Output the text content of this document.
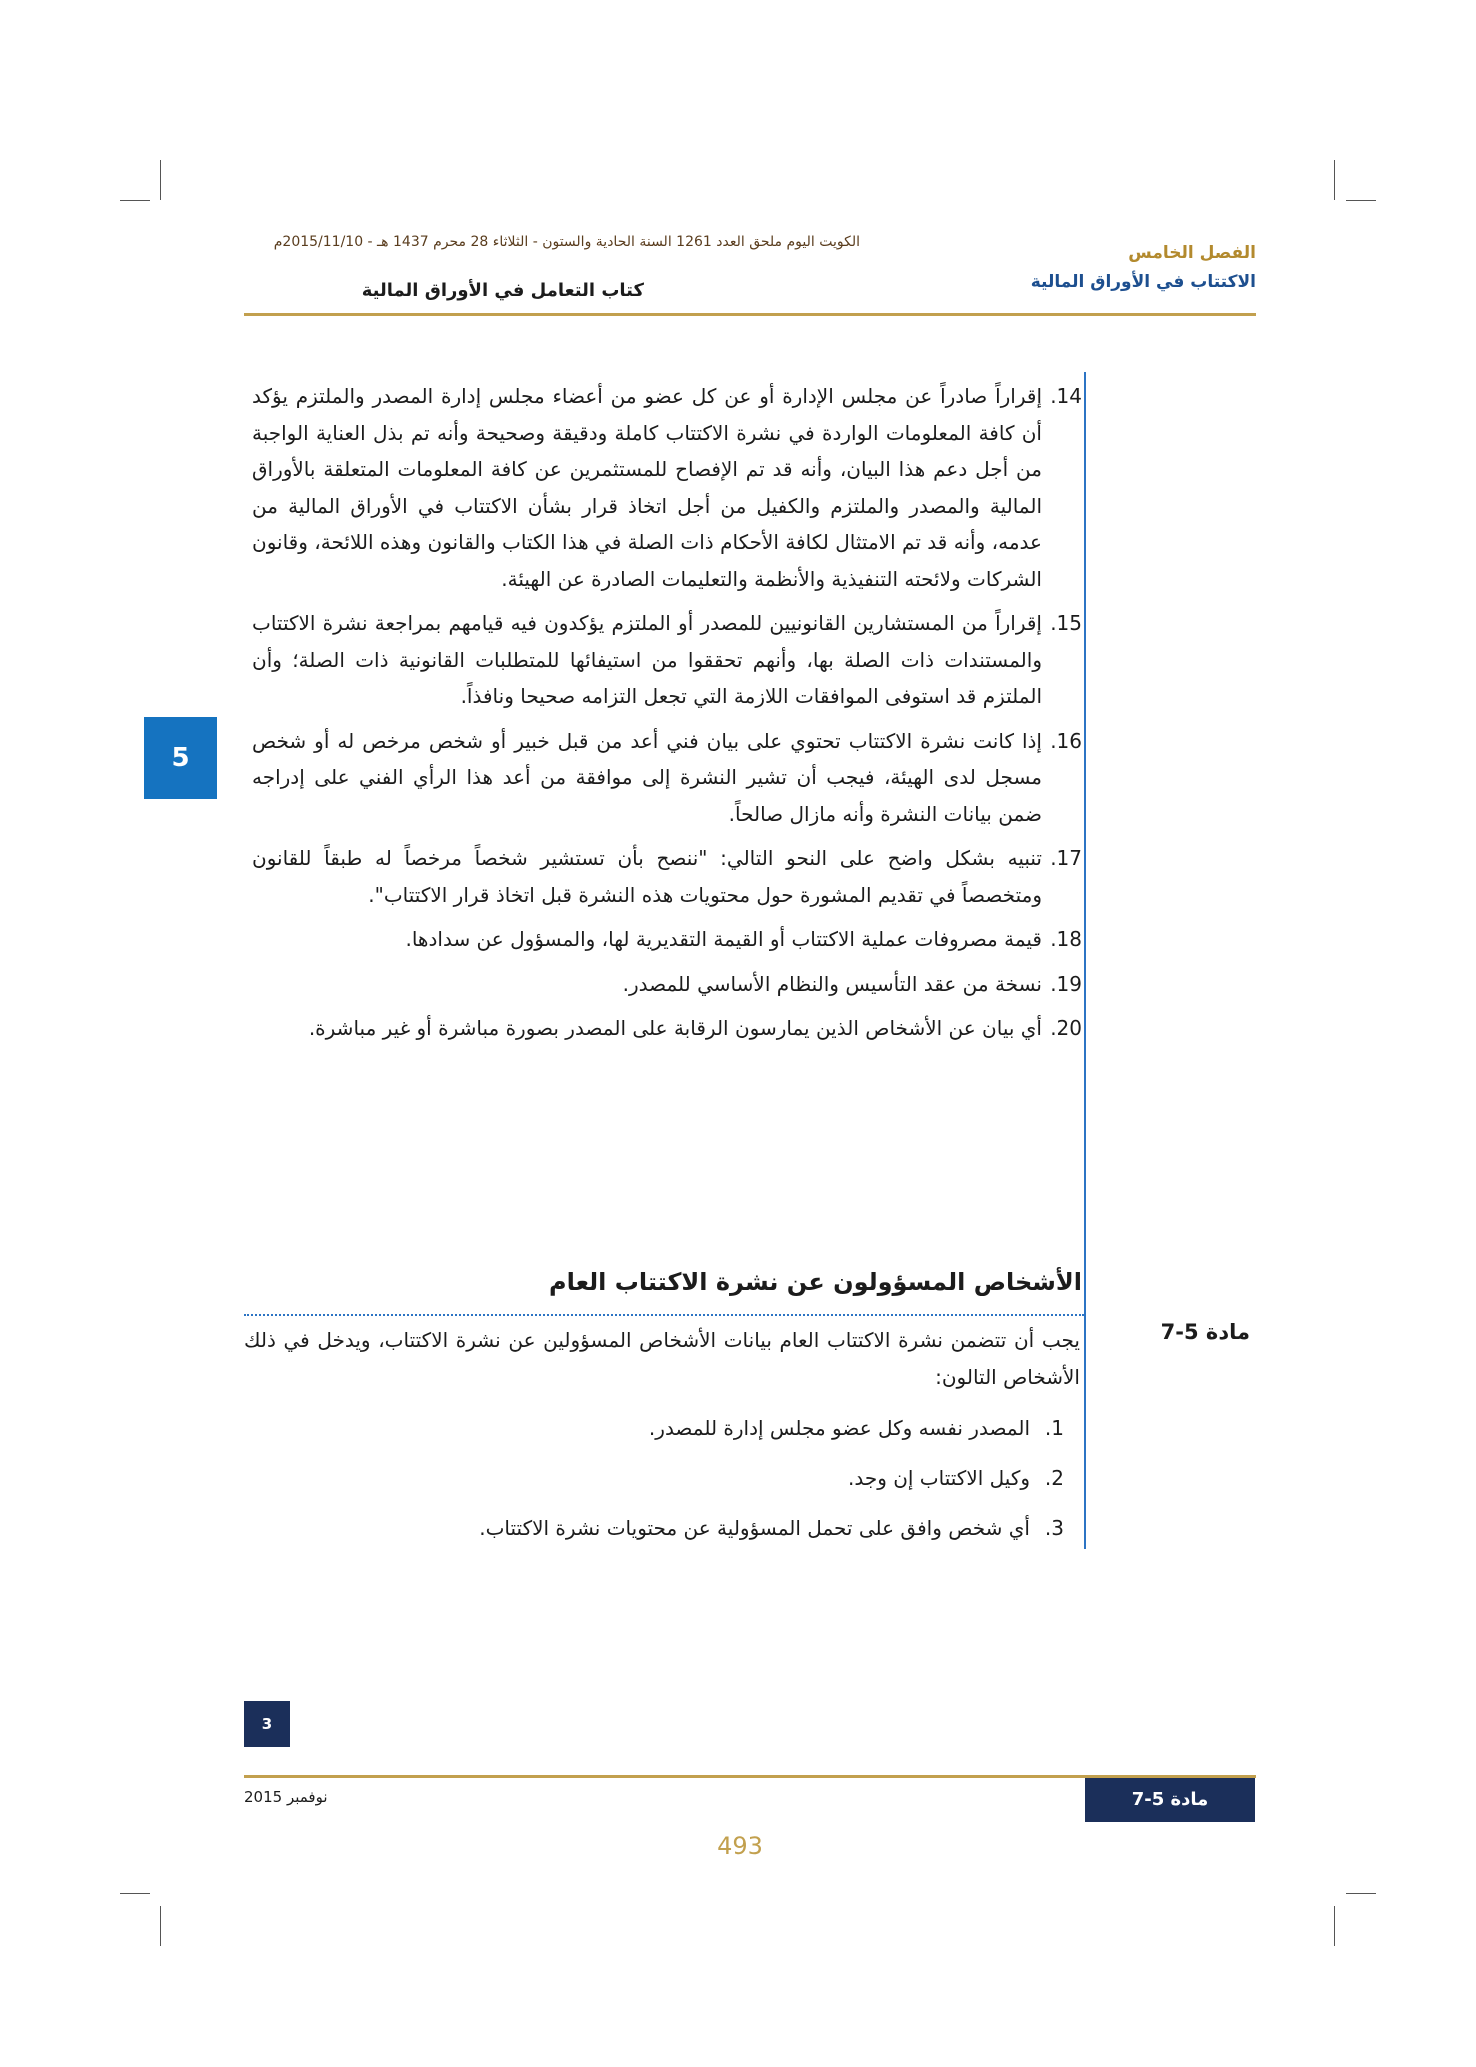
الكويت اليوم ملحق العدد 1261 السنة الحادية والستون - الثلاثاء 28 محرم 1437 هـ - 2015/11/10م
الفصل الخامس
الاكتتاب في الأوراق المالية
كتاب التعامل في الأوراق المالية
5
14.
إقراراً صادراً عن مجلس الإدارة أو عن كل عضو من أعضاء مجلس إدارة المصدر والملتزم يؤكد أن كافة المعلومات الواردة في نشرة الاكتتاب كاملة ودقيقة وصحيحة وأنه تم بذل العناية الواجبة من أجل دعم هذا البيان، وأنه قد تم الإفصاح للمستثمرين عن كافة المعلومات المتعلقة بالأوراق المالية والمصدر والملتزم والكفيل من أجل اتخاذ قرار بشأن الاكتتاب في الأوراق المالية من عدمه، وأنه قد تم الامتثال لكافة الأحكام ذات الصلة في هذا الكتاب والقانون وهذه اللائحة، وقانون الشركات ولائحته التنفيذية والأنظمة والتعليمات الصادرة عن الهيئة.
15.
إقراراً من المستشارين القانونيين للمصدر أو الملتزم يؤكدون فيه قيامهم بمراجعة نشرة الاكتتاب والمستندات ذات الصلة بها، وأنهم تحققوا من استيفائها للمتطلبات القانونية ذات الصلة؛ وأن الملتزم قد استوفى الموافقات اللازمة التي تجعل التزامه صحيحا ونافذاً.
16.
إذا كانت نشرة الاكتتاب تحتوي على بيان فني أعد من قبل خبير أو شخص مرخص له أو شخص مسجل لدى الهيئة، فيجب أن تشير النشرة إلى موافقة من أعد هذا الرأي الفني على إدراجه ضمن بيانات النشرة وأنه مازال صالحاً.
17.
تنبيه بشكل واضح على النحو التالي: "ننصح بأن تستشير شخصاً مرخصاً له طبقاً للقانون ومتخصصاً في تقديم المشورة حول محتويات هذه النشرة قبل اتخاذ قرار الاكتتاب".
18.
قيمة مصروفات عملية الاكتتاب أو القيمة التقديرية لها، والمسؤول عن سدادها.
19.
نسخة من عقد التأسيس والنظام الأساسي للمصدر.
20.
أي بيان عن الأشخاص الذين يمارسون الرقابة على المصدر بصورة مباشرة أو غير مباشرة.
الأشخاص المسؤولون عن نشرة الاكتتاب العام
مادة 5-7
يجب أن تتضمن نشرة الاكتتاب العام بيانات الأشخاص المسؤولين عن نشرة الاكتتاب، ويدخل في ذلك الأشخاص التالون:
1.
المصدر نفسه وكل عضو مجلس إدارة للمصدر.
2.
وكيل الاكتتاب إن وجد.
3.
أي شخص وافق على تحمل المسؤولية عن محتويات نشرة الاكتتاب.
3
مادة 5-7
نوفمبر 2015
493
